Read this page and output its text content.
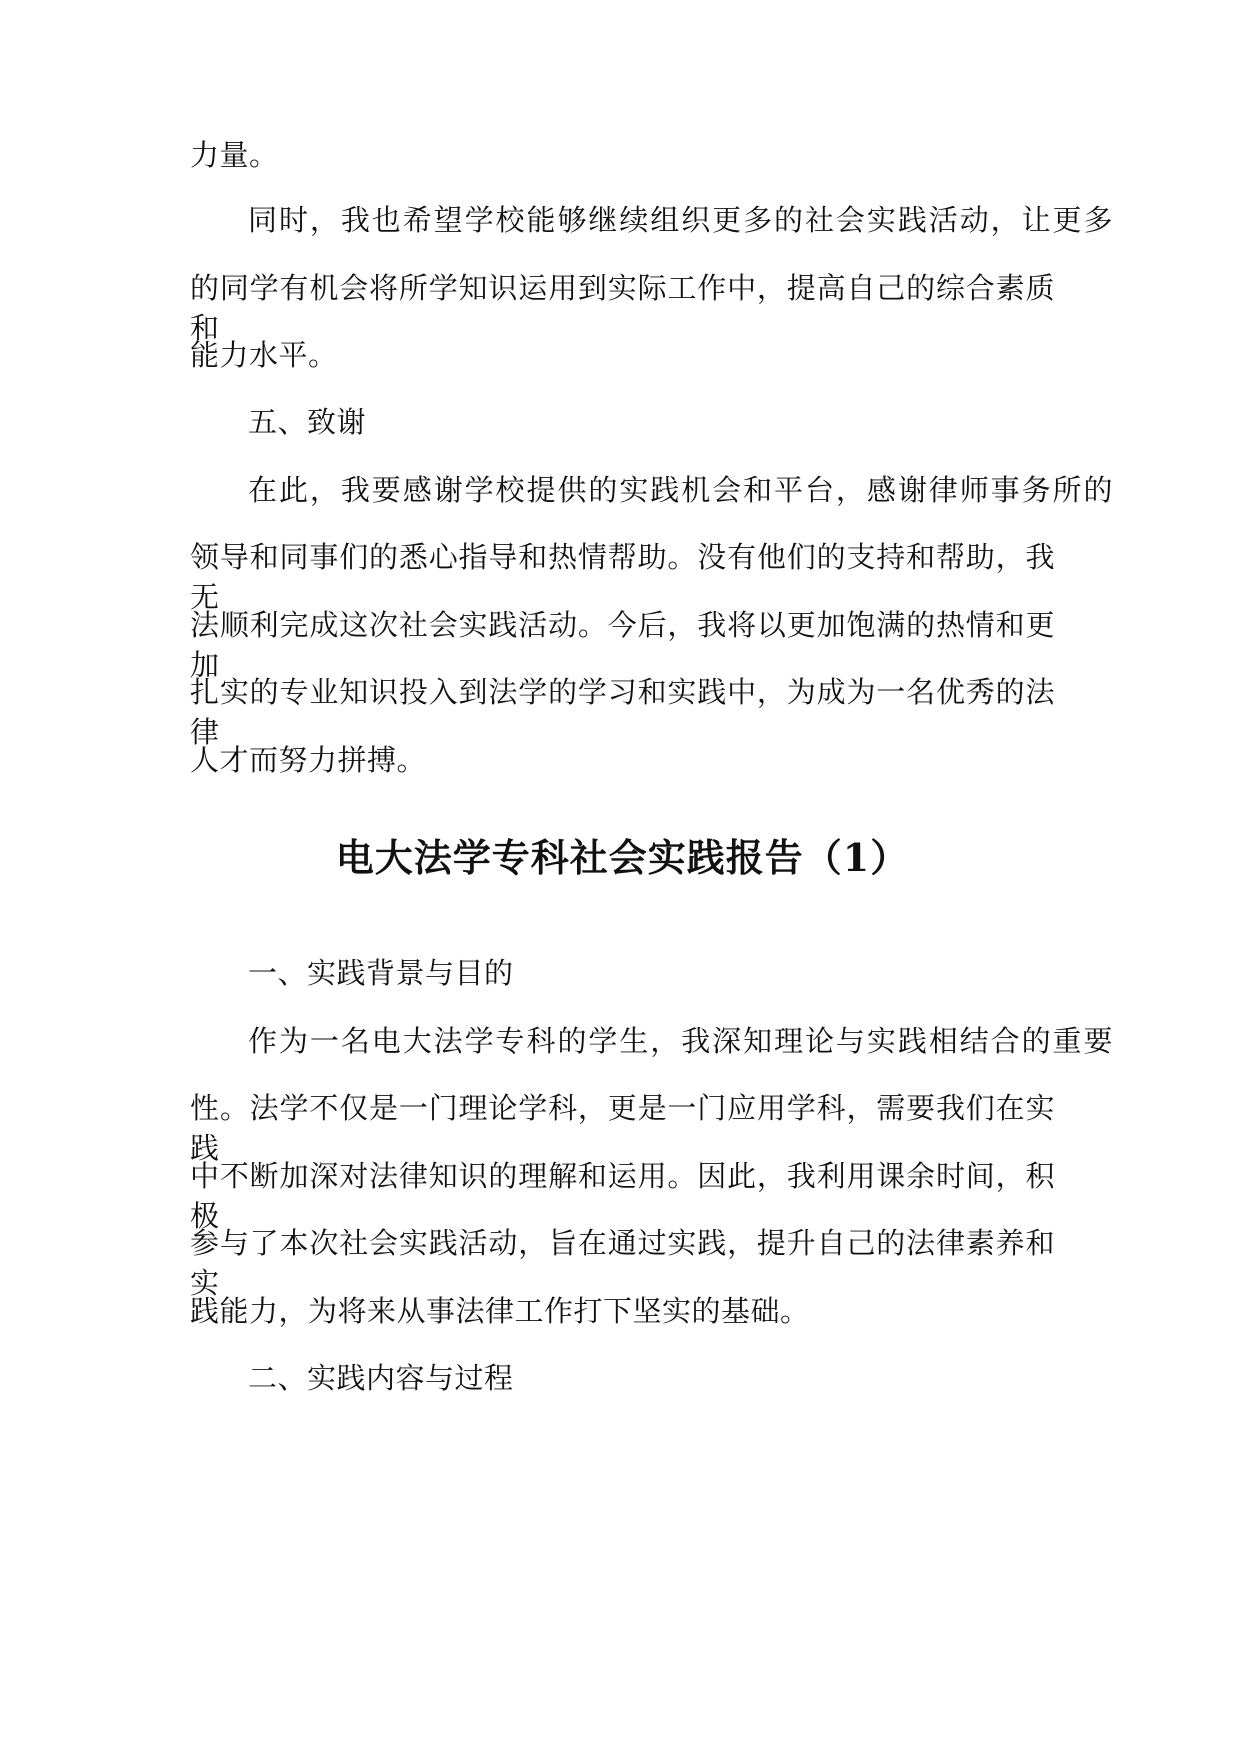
力量。
同时，我也希望学校能够继续组织更多的社会实践活动，让更多
的同学有机会将所学知识运用到实际工作中，提高自己的综合素质和
能力水平。
五、致谢
在此，我要感谢学校提供的实践机会和平台，感谢律师事务所的
领导和同事们的悉心指导和热情帮助。没有他们的支持和帮助，我无
法顺利完成这次社会实践活动。今后，我将以更加饱满的热情和更加
扎实的专业知识投入到法学的学习和实践中，为成为一名优秀的法律
人才而努力拼搏。
电大法学专科社会实践报告（1）
一、实践背景与目的
作为一名电大法学专科的学生，我深知理论与实践相结合的重要
性。法学不仅是一门理论学科，更是一门应用学科，需要我们在实践
中不断加深对法律知识的理解和运用。因此，我利用课余时间，积极
参与了本次社会实践活动，旨在通过实践，提升自己的法律素养和实
践能力，为将来从事法律工作打下坚实的基础。
二、实践内容与过程
